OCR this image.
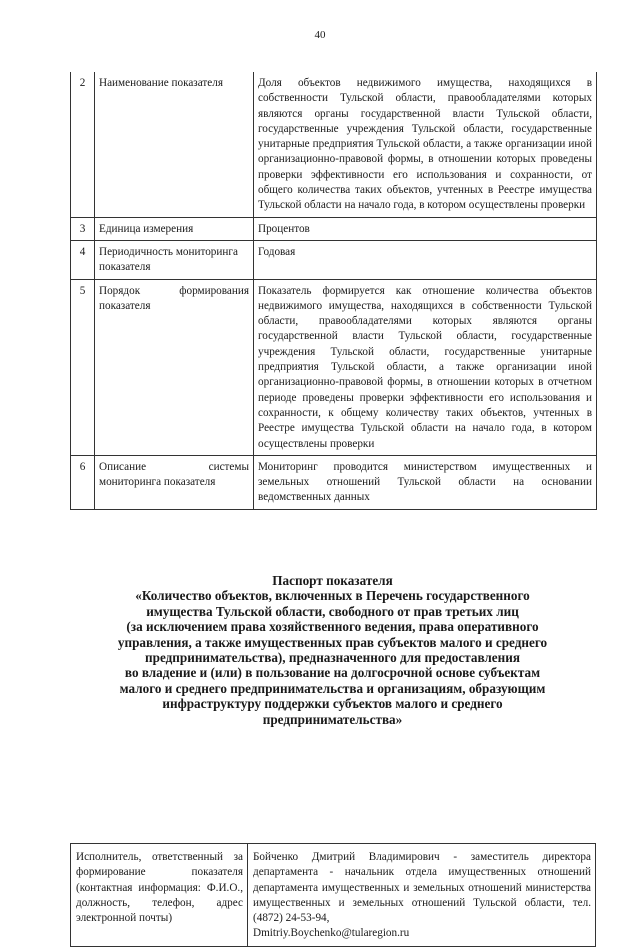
40
2	Наименование показателя	Доля объектов недвижимого имущества, находящихся в собственности Тульской области, правообладателями которых являются органы государственной власти Тульской области, государственные учреждения Тульской области, государственные унитарные предприятия Тульской области, а также организации иной организационно-правовой формы, в отношении которых проведены проверки эффективности его использования и сохранности, от общего количества таких объектов, учтенных в Реестре имущества Тульской области на начало года, в котором осуществлены проверки
3	Единица измерения	Процентов
4	Периодичность мониторинга показателя	Годовая
5	Порядок формирования показателя	Показатель формируется как отношение количества объектов недвижимого имущества, находящихся в собственности Тульской области, правообладателями которых являются органы государственной власти Тульской области, государственные учреждения Тульской области, государственные унитарные предприятия Тульской области, а также организации иной организационно-правовой формы, в отношении которых в отчетном периоде проведены проверки эффективности его использования и сохранности, к общему количеству таких объектов, учтенных в Реестре имущества Тульской области на начало года, в котором осуществлены проверки
6	Описание системы мониторинга показателя	Мониторинг проводится министерством имущественных и земельных отношений Тульской области на основании ведомственных данных
Паспорт показателя
«Количество объектов, включенных в Перечень государственного
имущества Тульской области, свободного от прав третьих лиц
(за исключением права хозяйственного ведения, права оперативного
управления, а также имущественных прав субъектов малого и среднего
предпринимательства), предназначенного для предоставления
во владение и (или) в пользование на долгосрочной основе субъектам
малого и среднего предпринимательства и организациям, образующим
инфраструктуру поддержки субъектов малого и среднего
предпринимательства»
Исполнитель, ответственный за формирование показателя (контактная информация: Ф.И.О., должность, телефон, адрес электронной почты)	Бойченко Дмитрий Владимирович - заместитель директора департамента - начальник отдела имущественных отношений департамента имущественных и земельных отношений министерства имущественных и земельных отношений Тульской области, тел. (4872) 24-53-94,
Dmitriy.Boychenko@tularegion.ru
